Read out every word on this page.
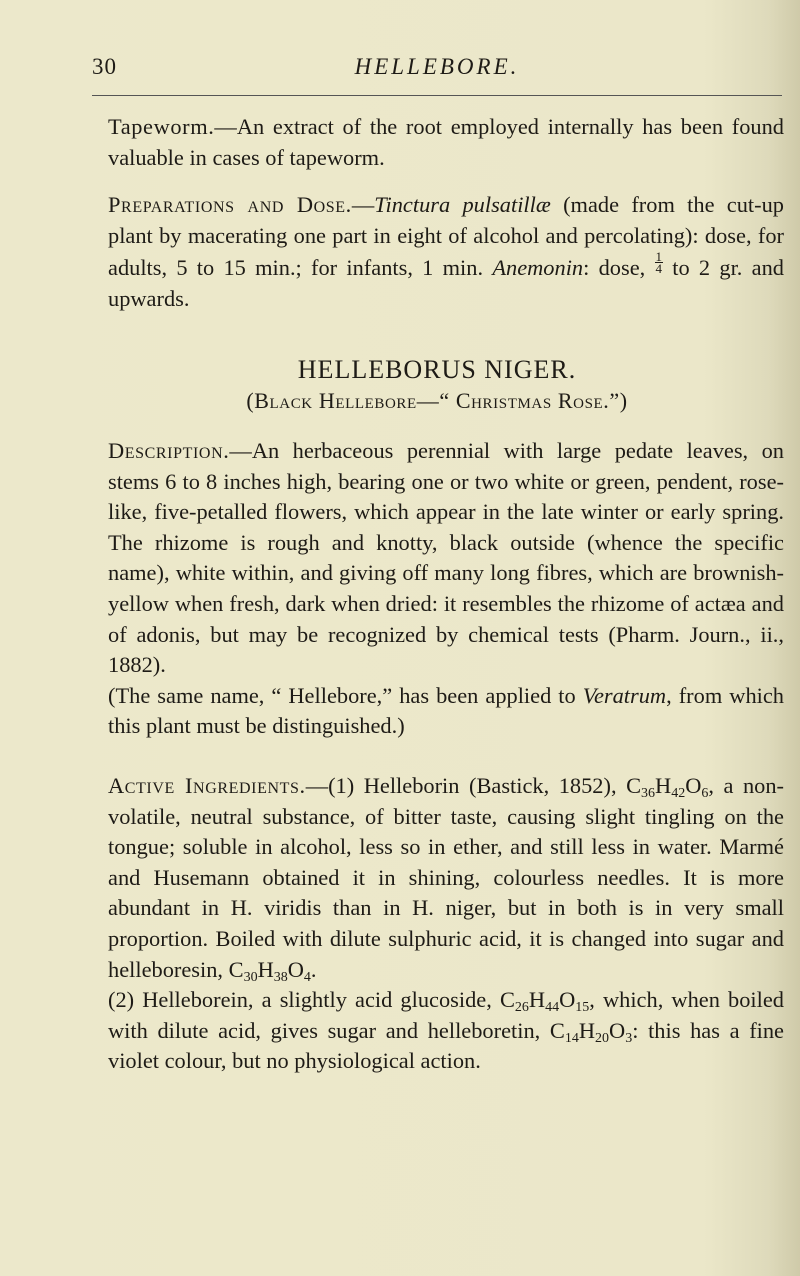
30	HELLEBORE.

Tapeworm.—An extract of the root employed internally has been found valuable in cases of tapeworm.

Preparations and Dose.—Tinctura pulsatillæ (made from the cut-up plant by macerating one part in eight of alcohol and percolating): dose, for adults, 5 to 15 min.; for infants, 1 min. Anemonin: dose, $\frac{1}{4}$ to 2 gr. and upwards.

HELLEBORUS NIGER.
(Black Hellebore—“ Christmas Rose.”)

Description.—An herbaceous perennial with large pedate leaves, on stems 6 to 8 inches high, bearing one or two white or green, pendent, rose-like, five-petalled flowers, which appear in the late winter or early spring. The rhizome is rough and knotty, black outside (whence the specific name), white within, and giving off many long fibres, which are brownish-yellow when fresh, dark when dried: it resembles the rhizome of actæa and of adonis, but may be recognized by chemical tests (Pharm. Journ., ii., 1882).

(The same name, “ Hellebore,” has been applied to Veratrum, from which this plant must be distinguished.)

Active Ingredients.—(1) Helleborin (Bastick, 1852), $C_{36}H_{42}O_6$, a non-volatile, neutral substance, of bitter taste, causing slight tingling on the tongue; soluble in alcohol, less so in ether, and still less in water. Marmé and Husemann obtained it in shining, colourless needles. It is more abundant in H. viridis than in H. niger, but in both is in very small proportion. Boiled with dilute sulphuric acid, it is changed into sugar and helleboresin, $C_{30}H_{38}O_4$.

(2) Helleborein, a slightly acid glucoside, $C_{26}H_{44}O_{15}$, which, when boiled with dilute acid, gives sugar and helleboretin, $C_{14}H_{20}O_3$: this has a fine violet colour, but no physiological action.
